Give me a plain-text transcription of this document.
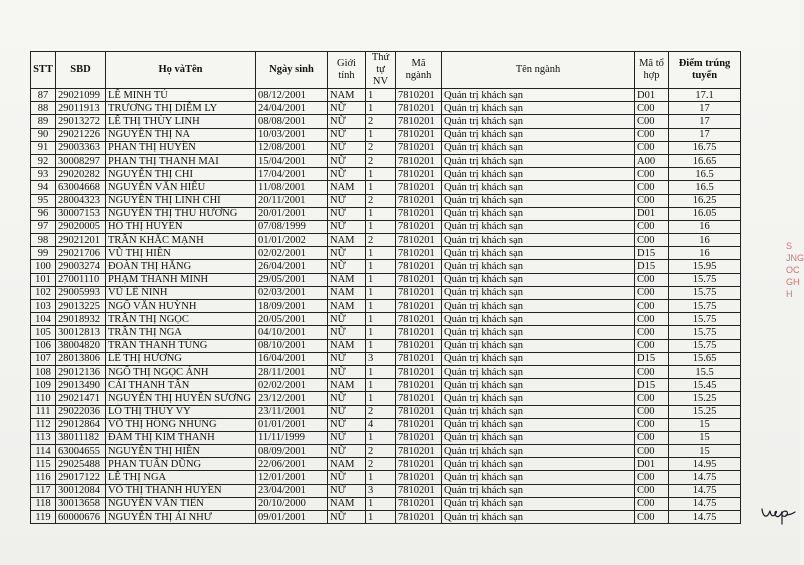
STT	SBD	Họ vàTên	Ngày sinh	Giới tính	Thứ tự NV	Mã ngành	Tên ngành	Mã tổ hợp	Điểm trúng tuyển
87	29021099	LÊ MINH TÚ	08/12/2001	NAM	1	7810201	Quản trị khách sạn	D01	17.1
88	29011913	TRƯƠNG THỊ DIỄM LY	24/04/2001	NỮ	1	7810201	Quản trị khách sạn	C00	17
89	29013272	LÊ THỊ THÙY LINH	08/08/2001	NỮ	2	7810201	Quản trị khách sạn	C00	17
90	29021226	NGUYỄN THỊ NA	10/03/2001	NỮ	1	7810201	Quản trị khách sạn	C00	17
91	29003363	PHAN THỊ HUYỀN	12/08/2001	NỮ	2	7810201	Quản trị khách sạn	C00	16.75
92	30008297	PHAN THỊ THANH MAI	15/04/2001	NỮ	2	7810201	Quản trị khách sạn	A00	16.65
93	29020282	NGUYỄN THỊ CHI	17/04/2001	NỮ	1	7810201	Quản trị khách sạn	C00	16.5
94	63004668	NGUYỄN VĂN HIẾU	11/08/2001	NAM	1	7810201	Quản trị khách sạn	C00	16.5
95	28004323	NGUYỄN THỊ LINH CHI	20/11/2001	NỮ	2	7810201	Quản trị khách sạn	C00	16.25
96	30007153	NGUYỄN THỊ THU HƯƠNG	20/01/2001	NỮ	1	7810201	Quản trị khách sạn	D01	16.05
97	29020005	HỒ THỊ HUYỀN	07/08/1999	NỮ	1	7810201	Quản trị khách sạn	C00	16
98	29021201	TRẦN KHẮC MẠNH	01/01/2002	NAM	2	7810201	Quản trị khách sạn	C00	16
99	29021706	VŨ THỊ HIỀN	02/02/2001	NỮ	1	7810201	Quản trị khách sạn	D15	16
100	29003274	ĐOÀN THỊ HẰNG	26/04/2001	NỮ	1	7810201	Quản trị khách sạn	D15	15.95
101	27001110	PHẠM THÀNH MINH	29/05/2001	NAM	1	7810201	Quản trị khách sạn	C00	15.75
102	29005993	VŨ LÊ NINH	02/03/2001	NAM	1	7810201	Quản trị khách sạn	C00	15.75
103	29013225	NGÔ VĂN HUỲNH	18/09/2001	NAM	1	7810201	Quản trị khách sạn	C00	15.75
104	29018932	TRẦN THỊ NGỌC	20/05/2001	NỮ	1	7810201	Quản trị khách sạn	C00	15.75
105	30012813	TRẦN THỊ NGA	04/10/2001	NỮ	1	7810201	Quản trị khách sạn	C00	15.75
106	38004820	TRẦN THANH TÙNG	08/10/2001	NAM	1	7810201	Quản trị khách sạn	C00	15.75
107	28013806	LÊ THỊ HƯƠNG	16/04/2001	NỮ	3	7810201	Quản trị khách sạn	D15	15.65
108	29012136	NGÔ THỊ NGỌC ÁNH	28/11/2001	NỮ	1	7810201	Quản trị khách sạn	C00	15.5
109	29013490	CÁI THANH TÂN	02/02/2001	NAM	1	7810201	Quản trị khách sạn	D15	15.45
110	29021471	NGUYỄN THỊ HUYỀN SƯƠNG	23/12/2001	NỮ	1	7810201	Quản trị khách sạn	C00	15.25
111	29022036	LÔ THỊ THÚY VY	23/11/2001	NỮ	2	7810201	Quản trị khách sạn	C00	15.25
112	29012864	VÕ THỊ HỒNG NHUNG	01/01/2001	NỮ	4	7810201	Quản trị khách sạn	C00	15
113	38011182	ĐÀM THỊ KIM THANH	11/11/1999	NỮ	1	7810201	Quản trị khách sạn	C00	15
114	63004655	NGUYỄN THỊ HIỀN	08/09/2001	NỮ	2	7810201	Quản trị khách sạn	C00	15
115	29025488	PHAN TUẤN DŨNG	22/06/2001	NAM	2	7810201	Quản trị khách sạn	D01	14.95
116	29017122	LÊ THỊ NGA	12/01/2001	NỮ	1	7810201	Quản trị khách sạn	C00	14.75
117	30012084	VÕ THỊ THANH HUYỀN	23/04/2001	NỮ	3	7810201	Quản trị khách sạn	C00	14.75
118	30013658	NGUYỄN VĂN TIẾN	20/10/2000	NAM	1	7810201	Quản trị khách sạn	C00	14.75
119	60000676	NGUYỄN THỊ ÁI NHƯ	09/01/2001	NỮ	1	7810201	Quản trị khách sạn	C00	14.75
S
JNG
OC
GH
H
